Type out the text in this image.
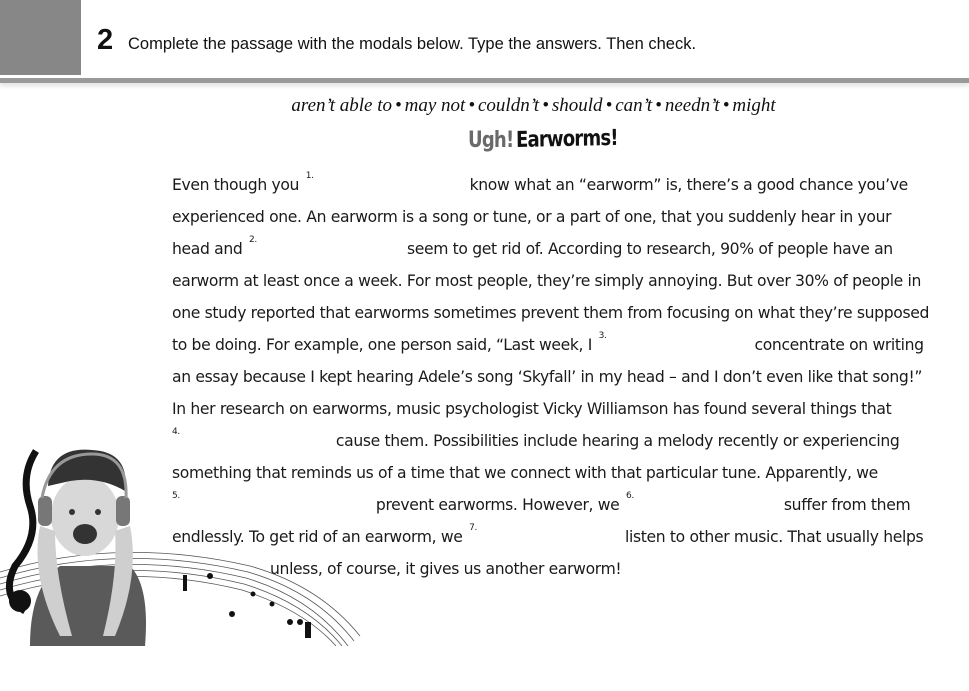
2 Complete the passage with the modals below. Type the answers. Then check.
aren’t able to • may not • couldn’t • should • can’t • needn’t • might
Ugh! Earworms!
Even though you $^{1.}$	know what an “earworm” is, there’s a good chance you’ve
experienced one. An earworm is a song or tune, or a part of one, that you suddenly hear in your
head and $^{2.}$	seem to get rid of. According to research, 90% of people have an
earworm at least once a week. For most people, they’re simply annoying. But over 30% of people in
one study reported that earworms sometimes prevent them from focusing on what they’re supposed
to be doing. For example, one person said, “Last week, I $^{3.}$	concentrate on writing
an essay because I kept hearing Adele’s song ‘Skyfall’ in my head – and I don’t even like that song!”
In her research on earworms, music psychologist Vicky Williamson has found several things that
$^{4.}$	cause them. Possibilities include hearing a melody recently or experiencing
something that reminds us of a time that we connect with that particular tune. Apparently, we
$^{5.}$	prevent earworms. However, we $^{6.}$	suffer from them
endlessly. To get rid of an earworm, we $^{7.}$	listen to other music. That usually helps
unless, of course, it gives us another earworm!
